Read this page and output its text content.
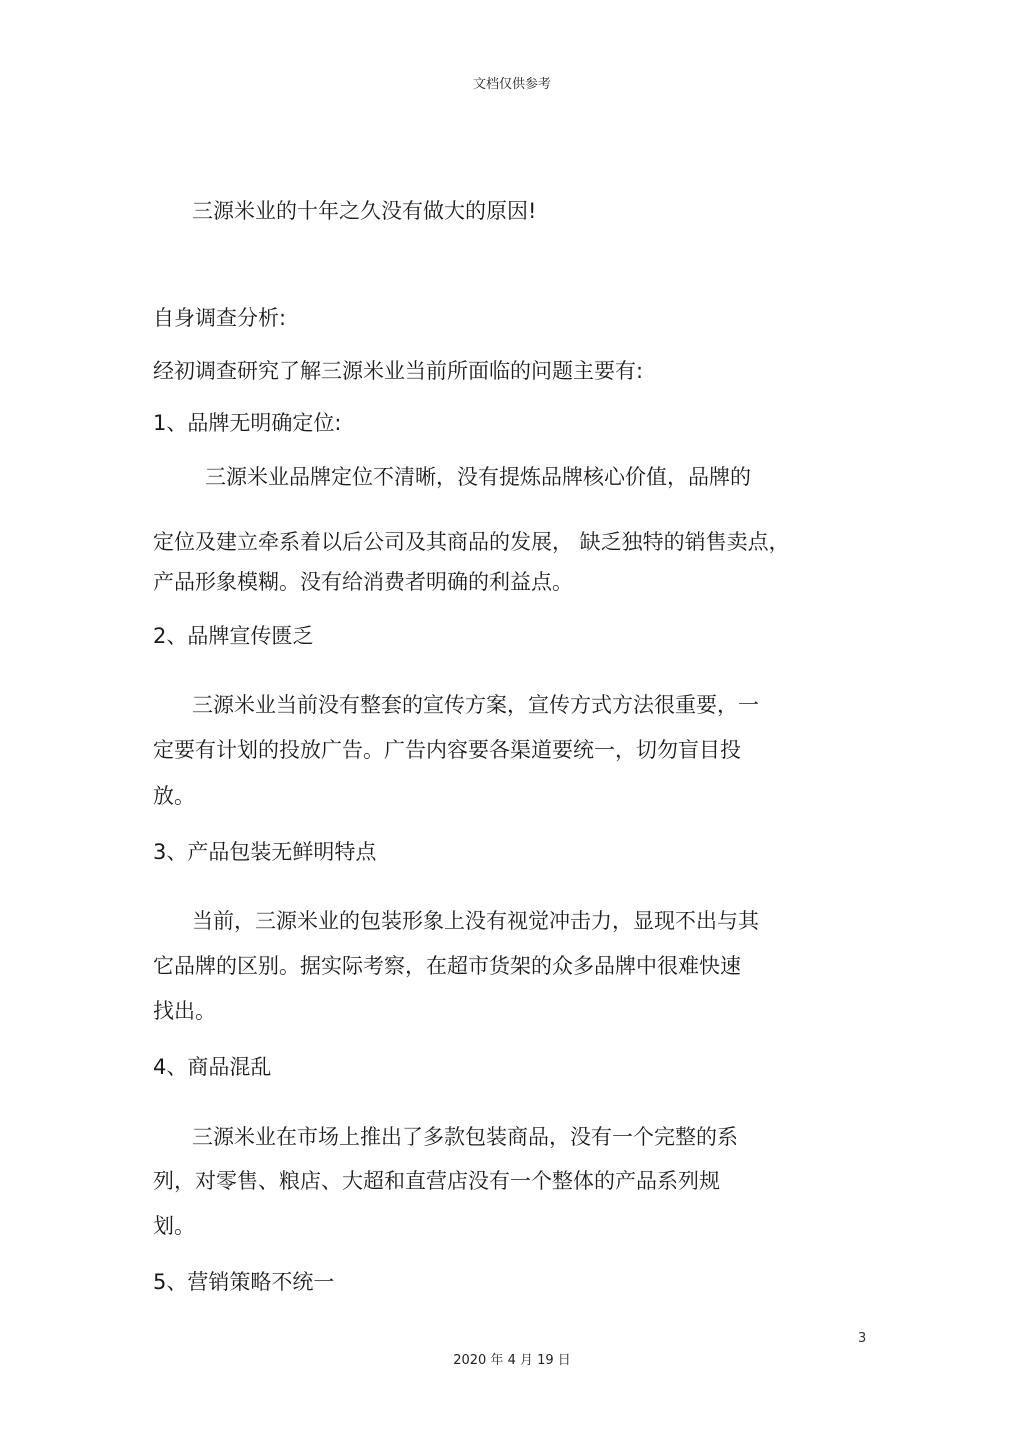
文档仅供参考
三源米业的十年之久没有做大的原因!
自身调查分析:
经初调查研究了解三源米业当前所面临的问题主要有:
1、品牌无明确定位:
三源米业品牌定位不清晰，没有提炼品牌核心价值，品牌的
定位及建立牵系着以后公司及其商品的发展， 缺乏独特的销售卖点，
产品形象模糊。没有给消费者明确的利益点。
2、品牌宣传匮乏
三源米业当前没有整套的宣传方案，宣传方式方法很重要，一
定要有计划的投放广告。广告内容要各渠道要统一，切勿盲目投
放。
3、产品包装无鲜明特点
当前，三源米业的包装形象上没有视觉冲击力，显现不出与其
它品牌的区别。据实际考察，在超市货架的众多品牌中很难快速
找出。
4、商品混乱
三源米业在市场上推出了多款包装商品，没有一个完整的系
列，对零售、粮店、大超和直营店没有一个整体的产品系列规
划。
5、营销策略不统一
3
2020 年 4 月 19 日
